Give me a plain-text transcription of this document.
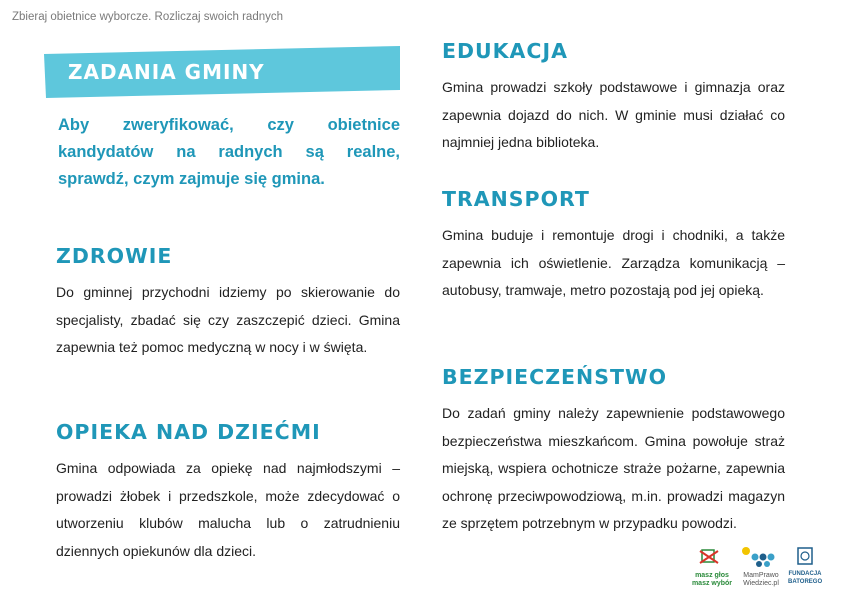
Zbieraj obietnice wyborcze. Rozliczaj swoich radnych
ZADANIA GMINY
Aby zweryfikować, czy obietnice kandydatów na radnych są realne, sprawdź, czym zajmuje się gmina.
ZDROWIE
Do gminnej przychodni idziemy po skierowanie do specjalisty, zbadać się czy zaszczepić dzieci. Gmina zapewnia też pomoc medyczną w nocy i w święta.
OPIEKA NAD DZIEĆMI
Gmina odpowiada za opiekę nad najmłodszymi – prowadzi żłobek i przedszkole, może zdecydować o utworzeniu klubów malucha lub o zatrudnieniu dziennych opiekunów dla dzieci.
EDUKACJA
Gmina prowadzi szkoły podstawowe i gimnazja oraz zapewnia dojazd do nich. W gminie musi działać co najmniej jedna biblioteka.
TRANSPORT
Gmina buduje i remontuje drogi i chodniki, a także zapewnia ich oświetlenie. Zarządza komunikacją – autobusy, tramwaje, metro pozostają pod jej opieką.
BEZPIECZEŃSTWO
Do zadań gminy należy zapewnienie podstawowego bezpieczeństwa mieszkańcom. Gmina powołuje straż miejską, wspiera ochotnicze straże pożarne, zapewnia ochronę przeciwpowodziową, m.in. prowadzi magazyn ze sprzętem potrzebnym w przypadku powodzi.
masz głos
masz wybór
MamPrawo
Wiedziec.pl
FUNDACJA
BATOREGO
